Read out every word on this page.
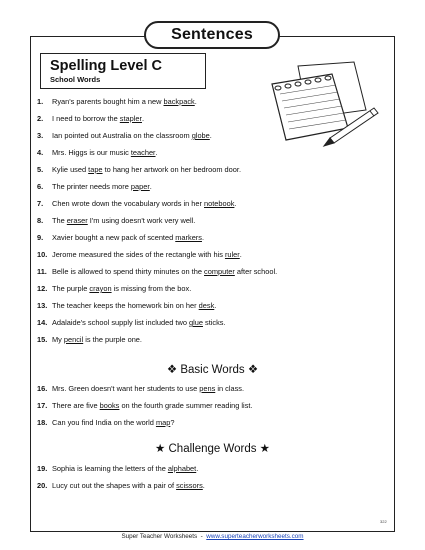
Sentences
Spelling Level C
School Words
1.	Ryan's parents bought him a new backpack .
2.	I need to borrow the stapler .
3.	Ian pointed out Australia on the classroom globe .
4.	Mrs. Higgs is our music teacher .
5.	Kylie used tape to hang her artwork on her bedroom door.
6.	The printer needs more paper .
7.	Chen wrote down the vocabulary words in her notebook .
8.	The eraser I'm using doesn't work very well.
9.	Xavier bought a new pack of scented markers .
10. Jerome measured the sides of the rectangle with his ruler .
11. Belle is allowed to spend thirty minutes on the computer after school.
12. The purple crayon is missing from the box.
13. The teacher keeps the homework bin on her desk .
14. Adalaide's school supply list included two glue sticks.
15. My pencil is the purple one.
❖ Basic Words ❖
16. Mrs. Green doesn't want her students to use pens in class.
17. There are five books on the fourth grade summer reading list.
18. Can you find India on the world map ?
★ Challenge Words ★
19. Sophia is learning the letters of the alphabet .
20. Lucy cut out the shapes with a pair of scissors .
322
Super Teacher Worksheets  -  www.superteacherworksheets.com
